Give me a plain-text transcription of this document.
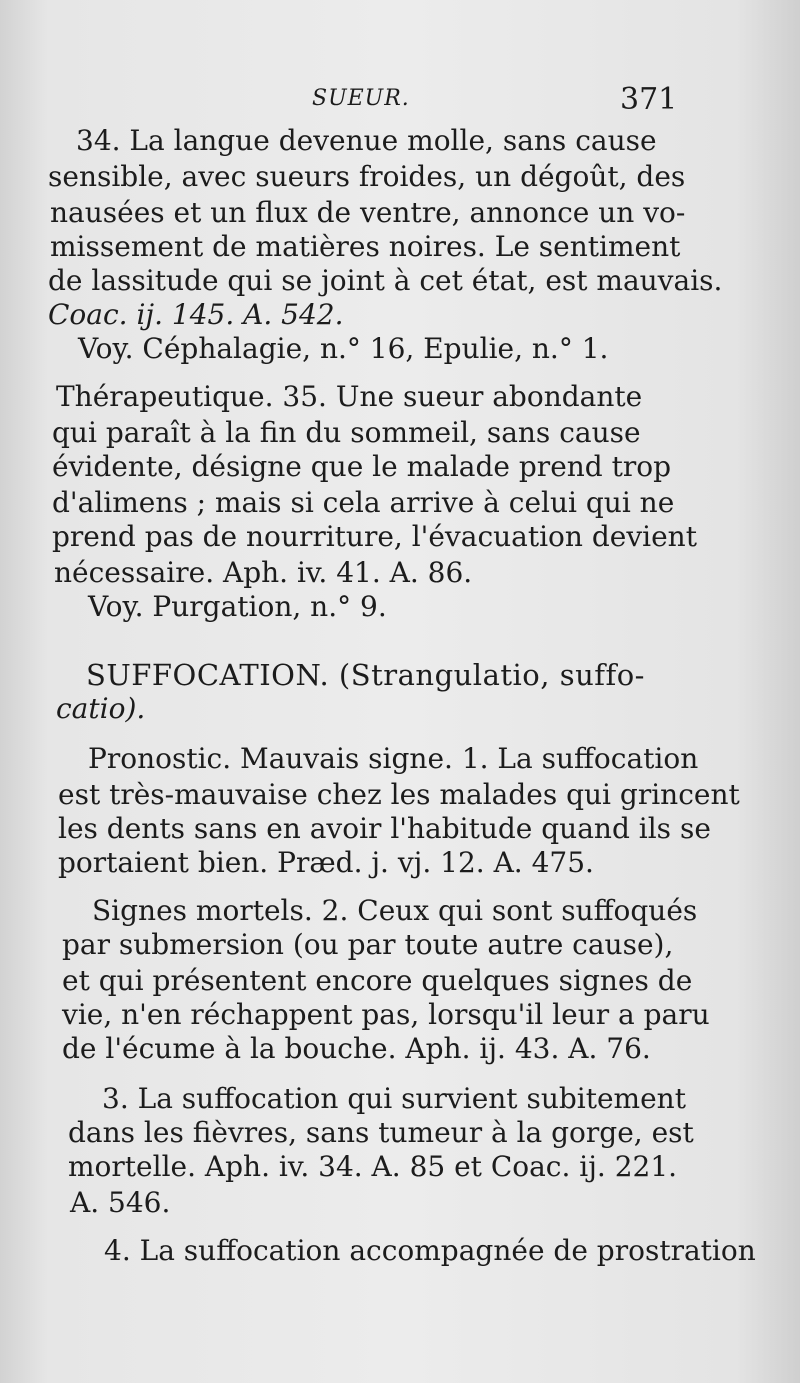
SUEUR.	371
34. La langue devenue molle, sans cause
sensible, avec sueurs froides, un dégoût, des
nausées et un flux de ventre, annonce un vo-
missement de matières noires. Le sentiment
de lassitude qui se joint à cet état, est mauvais.
Coac. ij. 145. A. 542.
Voy. Céphalagie, n.° 16, Epulie, n.° 1.
Thérapeutique. 35. Une sueur abondante
qui paraît à la fin du sommeil, sans cause
évidente, désigne que le malade prend trop
d'alimens ; mais si cela arrive à celui qui ne
prend pas de nourriture, l'évacuation devient
nécessaire. Aph. iv. 41. A. 86.
Voy. Purgation, n.° 9.
SUFFOCATION. (Strangulatio, suffo-
catio).
Pronostic. Mauvais signe. 1. La suffocation
est très-mauvaise chez les malades qui grincent
les dents sans en avoir l'habitude quand ils se
portaient bien. Præd. j. vj. 12. A. 475.
Signes mortels. 2. Ceux qui sont suffoqués
par submersion (ou par toute autre cause),
et qui présentent encore quelques signes de
vie, n'en réchappent pas, lorsqu'il leur a paru
de l'écume à la bouche. Aph. ij. 43. A. 76.
3. La suffocation qui survient subitement
dans les fièvres, sans tumeur à la gorge, est
mortelle. Aph. iv. 34. A. 85 et Coac. ij. 221.
A. 546.
4. La suffocation accompagnée de prostration
